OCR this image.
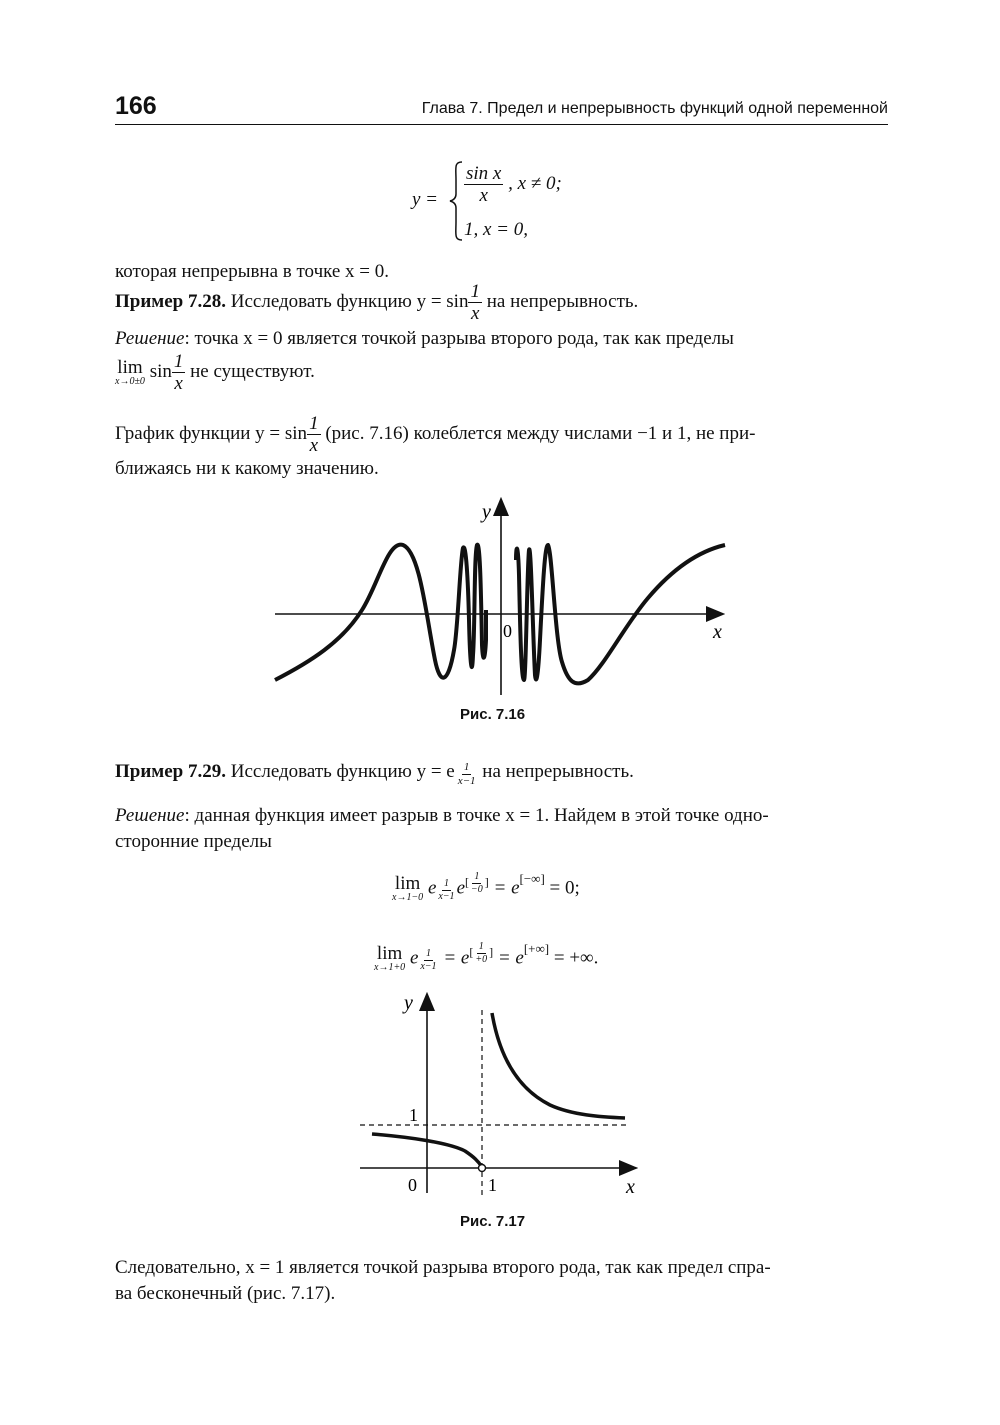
166	Глава 7. Предел и непрерывность функций одной переменной
$y = \frac{\text{sin x}}{x}$ , x ≠ 0;
1, x = 0,
которая непрерывна в точке x = 0.
Пример 7.28. Исследовать функцию $y = \sin \frac{1}{x}$ на непрерывность.
Решение: точка x = 0 является точкой разрыва второго рода, так как пределы
lim
x→0±0 $\sin \frac{1}{x}$ не существуют.
График функции $y = \sin \frac{1}{x} (рис$. 7.16) колеблется между числами −1 и 1, не при-
ближаясь ни к какому значению.
y
x
0
Рис. 7.16
Пример 7.29. Исследовать функцию y = e $\frac{1}{x-1}$ на непрерывность.
Решение: данная функция имеет разрыв в точке x = 1. Найдем в этой точке одно-
сторонние пределы
lim
x→1−0 e $\frac{1}{x-1} e[ 1 -0 ] = e[-\infty] = 0$;
lim
x→1+0 e $\frac{1}{x-1} = e[ 1 +0 ] = e[+\infty]$ = +∞.
y
x
0	1
1
Рис. 7.17
Следовательно, x = 1 является точкой разрыва второго рода, так как предел спра-
ва бесконечный (рис. 7.17).
